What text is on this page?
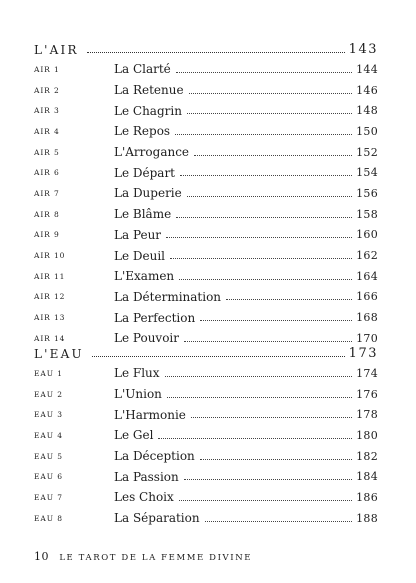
L'AIR	143
AIR 1	La Clarté	144
AIR 2	La Retenue	146
AIR 3	Le Chagrin	148
AIR 4	Le Repos	150
AIR 5	L'Arrogance	152
AIR 6	Le Départ	154
AIR 7	La Duperie	156
AIR 8	Le Blâme	158
AIR 9	La Peur	160
AIR 10	Le Deuil	162
AIR 11	L'Examen	164
AIR 12	La Détermination	166
AIR 13	La Perfection	168
AIR 14	Le Pouvoir	170
L'EAU	173
EAU 1	Le Flux	174
EAU 2	L'Union	176
EAU 3	L'Harmonie	178
EAU 4	Le Gel	180
EAU 5	La Déception	182
EAU 6	La Passion	184
EAU 7	Les Choix	186
EAU 8	La Séparation	188
10 LE TAROT DE LA FEMME DIVINE
